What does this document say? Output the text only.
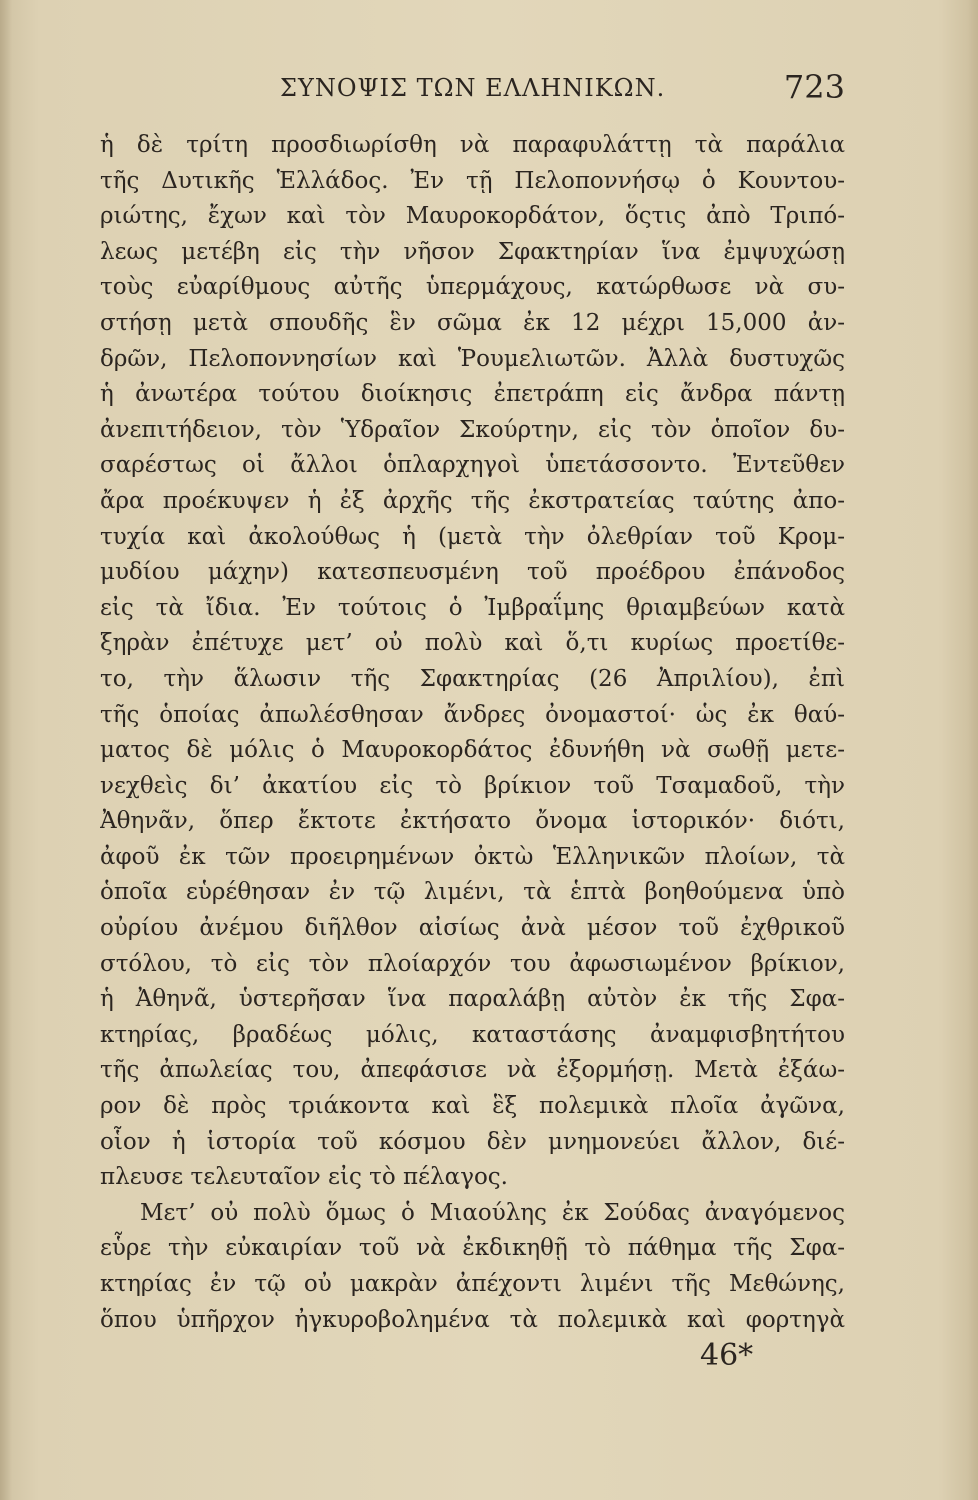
ΣΥΝΟΨΙΣ ΤΩΝ ΕΛΛΗΝΙΚΩΝ.	723
ἡ δὲ τρίτη προσδιωρίσθη νὰ παραφυλάττῃ τὰ παράλια
τῆς Δυτικῆς Ἑλλάδος. Ἐν τῇ Πελοποννήσῳ ὁ Κουντου-
ριώτης, ἔχων καὶ τὸν Μαυροκορδάτον, ὅςτις ἀπὸ Τριπό-
λεως μετέβη εἰς τὴν νῆσον Σφακτηρίαν ἵνα ἐμψυχώσῃ
τοὺς εὐαρίθμους αὐτῆς ὑπερμάχους, κατώρθωσε νὰ συ-
στήσῃ μετὰ σπουδῆς ἓν σῶμα ἐκ 12 μέχρι 15,000 ἀν-
δρῶν, Πελοποννησίων καὶ Ῥουμελιωτῶν. Ἀλλὰ δυστυχῶς
ἡ ἀνωτέρα τούτου διοίκησις ἐπετράπη εἰς ἄνδρα πάντῃ
ἀνεπιτήδειον, τὸν Ὑδραῖον Σκούρτην, εἰς τὸν ὁποῖον δυ-
σαρέστως οἱ ἄλλοι ὁπλαρχηγοὶ ὑπετάσσοντο. Ἐντεῦθεν
ἄρα προέκυψεν ἡ ἐξ ἀρχῆς τῆς ἐκστρατείας ταύτης ἀπο-
τυχία καὶ ἀκολούθως ἡ (μετὰ τὴν ὀλεθρίαν τοῦ Κρομ-
μυδίου μάχην) κατεσπευσμένη τοῦ προέδρου ἐπάνοδος
εἰς τὰ ἴδια. Ἐν τούτοις ὁ Ἰμβραΐμης θριαμβεύων κατὰ
ξηρὰν ἐπέτυχε μετ’ οὐ πολὺ καὶ ὅ,τι κυρίως προετίθε-
το, τὴν ἅλωσιν τῆς Σφακτηρίας (26 Ἀπριλίου), ἐπὶ
τῆς ὁποίας ἀπωλέσθησαν ἄνδρες ὀνομαστοί· ὡς ἐκ θαύ-
ματος δὲ μόλις ὁ Μαυροκορδάτος ἐδυνήθη νὰ σωθῇ μετε-
νεχθεὶς δι’ ἀκατίου εἰς τὸ βρίκιον τοῦ Τσαμαδοῦ, τὴν
Ἀθηνᾶν, ὅπερ ἔκτοτε ἐκτήσατο ὄνομα ἱστορικόν· διότι,
ἀφοῦ ἐκ τῶν προειρημένων ὀκτὼ Ἑλληνικῶν πλοίων, τὰ
ὁποῖα εὑρέθησαν ἐν τῷ λιμένι, τὰ ἑπτὰ βοηθούμενα ὑπὸ
οὐρίου ἀνέμου διῆλθον αἰσίως ἀνὰ μέσον τοῦ ἐχθρικοῦ
στόλου, τὸ εἰς τὸν πλοίαρχόν του ἀφωσιωμένον βρίκιον,
ἡ Ἀθηνᾶ, ὑστερῆσαν ἵνα παραλάβῃ αὐτὸν ἐκ τῆς Σφα-
κτηρίας, βραδέως μόλις, καταστάσης ἀναμφισβητήτου
τῆς ἀπωλείας του, ἀπεφάσισε νὰ ἐξορμήσῃ. Μετὰ ἐξάω-
ρον δὲ πρὸς τριάκοντα καὶ ἓξ πολεμικὰ πλοῖα ἀγῶνα,
οἷον ἡ ἱστορία τοῦ κόσμου δὲν μνημονεύει ἄλλον, διέ-
πλευσε τελευταῖον εἰς τὸ πέλαγος.
Μετ’ οὐ πολὺ ὅμως ὁ Μιαούλης ἐκ Σούδας ἀναγόμενος
εὗρε τὴν εὐκαιρίαν τοῦ νὰ ἐκδικηθῇ τὸ πάθημα τῆς Σφα-
κτηρίας ἐν τῷ οὐ μακρὰν ἀπέχοντι λιμένι τῆς Μεθώνης,
ὅπου ὑπῆρχον ἠγκυροβολημένα τὰ πολεμικὰ καὶ φορτηγὰ
46*
